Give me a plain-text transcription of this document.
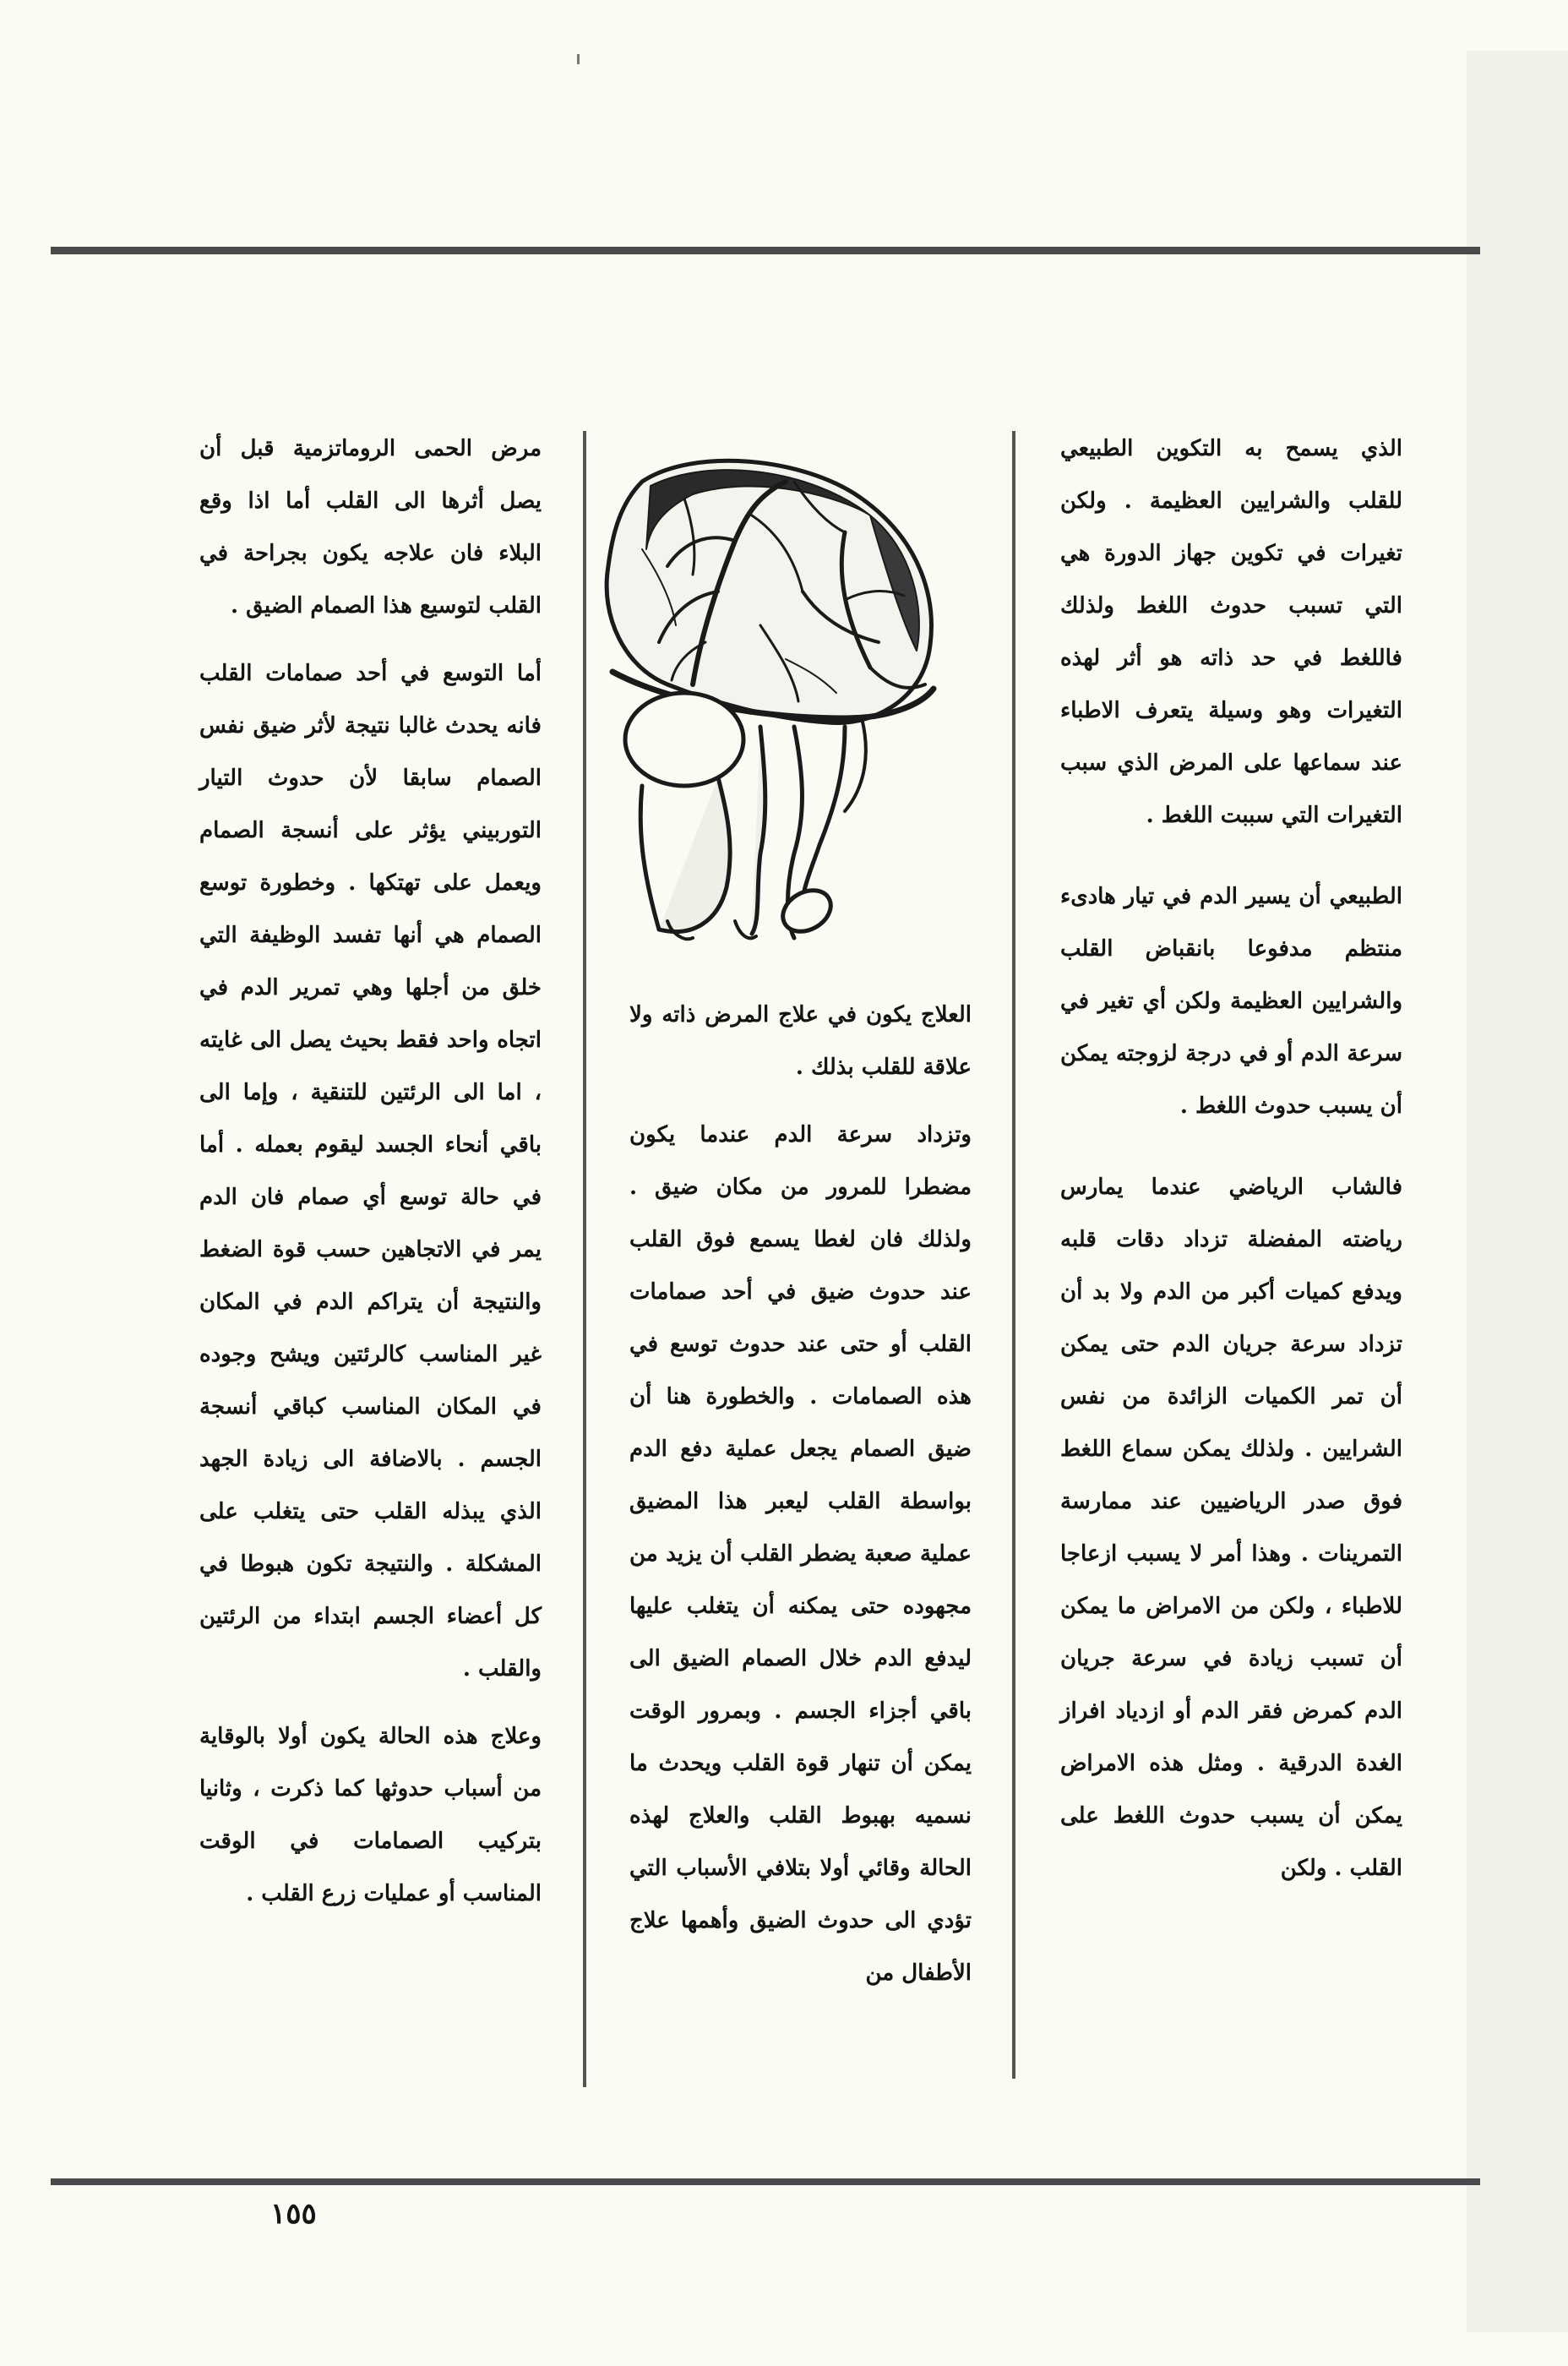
الذي يسمح به التكوين الطبيعي للقلب والشرايين العظيمة . ولكن تغيرات في تكوين جهاز الدورة هي التي تسبب حدوث اللغط ولذلك فاللغط في حد ذاته هو أثر لهذه التغيرات وهو وسيلة يتعرف الاطباء عند سماعها على المرض الذي سبب التغيرات التي سببت اللغط .

الطبيعي أن يسير الدم في تيار هادىء منتظم مدفوعا بانقباض القلب والشرايين العظيمة ولكن أي تغير في سرعة الدم أو في درجة لزوجته يمكن أن يسبب حدوث اللغط .

فالشاب الرياضي عندما يمارس رياضته المفضلة تزداد دقات قلبه ويدفع كميات أكبر من الدم ولا بد أن تزداد سرعة جريان الدم حتى يمكن أن تمر الكميات الزائدة من نفس الشرايين . ولذلك يمكن سماع اللغط فوق صدر الرياضيين عند ممارسة التمرينات . وهذا أمر لا يسبب ازعاجا للاطباء ، ولكن من الامراض ما يمكن أن تسبب زيادة في سرعة جريان الدم كمرض فقر الدم أو ازدياد افراز الغدة الدرقية . ومثل هذه الامراض يمكن أن يسبب حدوث اللغط على القلب . ولكن

العلاج يكون في علاج المرض ذاته ولا علاقة للقلب بذلك .

وتزداد سرعة الدم عندما يكون مضطرا للمرور من مكان ضيق . ولذلك فان لغطا يسمع فوق القلب عند حدوث ضيق في أحد صمامات القلب أو حتى عند حدوث توسع في هذه الصمامات . والخطورة هنا أن ضيق الصمام يجعل عملية دفع الدم بواسطة القلب ليعبر هذا المضيق عملية صعبة يضطر القلب أن يزيد من مجهوده حتى يمكنه أن يتغلب عليها ليدفع الدم خلال الصمام الضيق الى باقي أجزاء الجسم . وبمرور الوقت يمكن أن تنهار قوة القلب ويحدث ما نسميه بهبوط القلب والعلاج لهذه الحالة وقائي أولا بتلافي الأسباب التي تؤدي الى حدوث الضيق وأهمها علاج الأطفال من

مرض الحمى الروماتزمية قبل أن يصل أثرها الى القلب أما اذا وقع البلاء فان علاجه يكون بجراحة في القلب لتوسيع هذا الصمام الضيق .

أما التوسع في أحد صمامات القلب فانه يحدث غالبا نتيجة لأثر ضيق نفس الصمام سابقا لأن حدوث التيار التوربيني يؤثر على أنسجة الصمام ويعمل على تهتكها . وخطورة توسع الصمام هي أنها تفسد الوظيفة التي خلق من أجلها وهي تمرير الدم في اتجاه واحد فقط بحيث يصل الى غايته ، اما الى الرئتين للتنقية ، وإما الى باقي أنحاء الجسد ليقوم بعمله . أما في حالة توسع أي صمام فان الدم يمر في الاتجاهين حسب قوة الضغط والنتيجة أن يتراكم الدم في المكان غير المناسب كالرئتين ويشح وجوده في المكان المناسب كباقي أنسجة الجسم . بالاضافة الى زيادة الجهد الذي يبذله القلب حتى يتغلب على المشكلة . والنتيجة تكون هبوطا في كل أعضاء الجسم ابتداء من الرئتين والقلب .

وعلاج هذه الحالة يكون أولا بالوقاية من أسباب حدوثها كما ذكرت ، وثانيا بتركيب الصمامات في الوقت المناسب أو عمليات زرع القلب .

١٥٥
